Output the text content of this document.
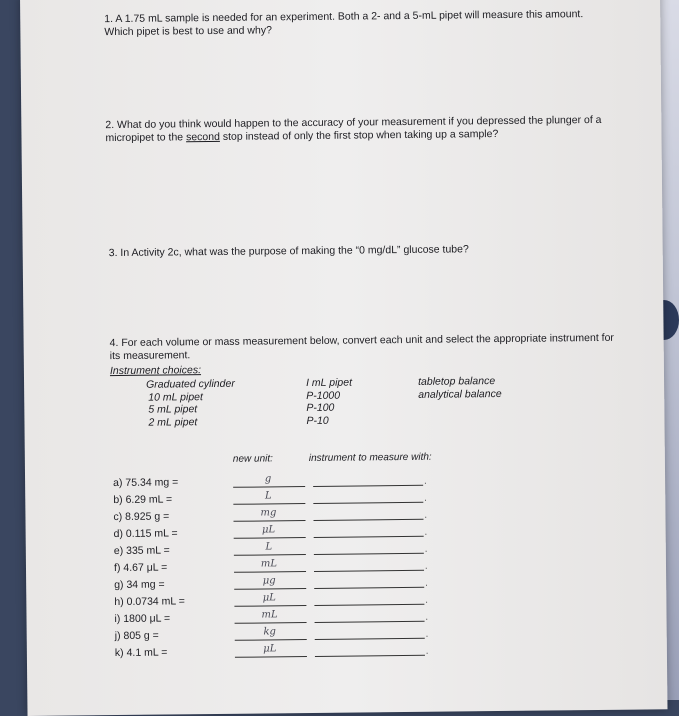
1. A 1.75 mL sample is needed for an experiment. Both a 2- and a 5-mL pipet will measure this amount. Which pipet is best to use and why?
2. What do you think would happen to the accuracy of your measurement if you depressed the plunger of a micropipet to the second stop instead of only the first stop when taking up a sample?
3. In Activity 2c, what was the purpose of making the “0 mg/dL” glucose tube?
4. For each volume or mass measurement below, convert each unit and select the appropriate instrument for its measurement.
Instrument choices:
Graduated cylinder
10 mL pipet
5 mL pipet
2 mL pipet
I mL pipet
P-1000
P-100
P-10
tabletop balance
analytical balance
new unit:	instrument to measure with:
a) 75.34 mg =	g	.
b) 6.29 mL =	L	.
c) 8.925 g =	mg	.
d) 0.115 mL =	μL	.
e) 335 mL =	L	.
f) 4.67 μL =	mL	.
g) 34 mg =	μg	.
h) 0.0734 mL =	μL	.
i) 1800 μL =	mL	.
j) 805 g =	kg	.
k) 4.1 mL =	μL	.
